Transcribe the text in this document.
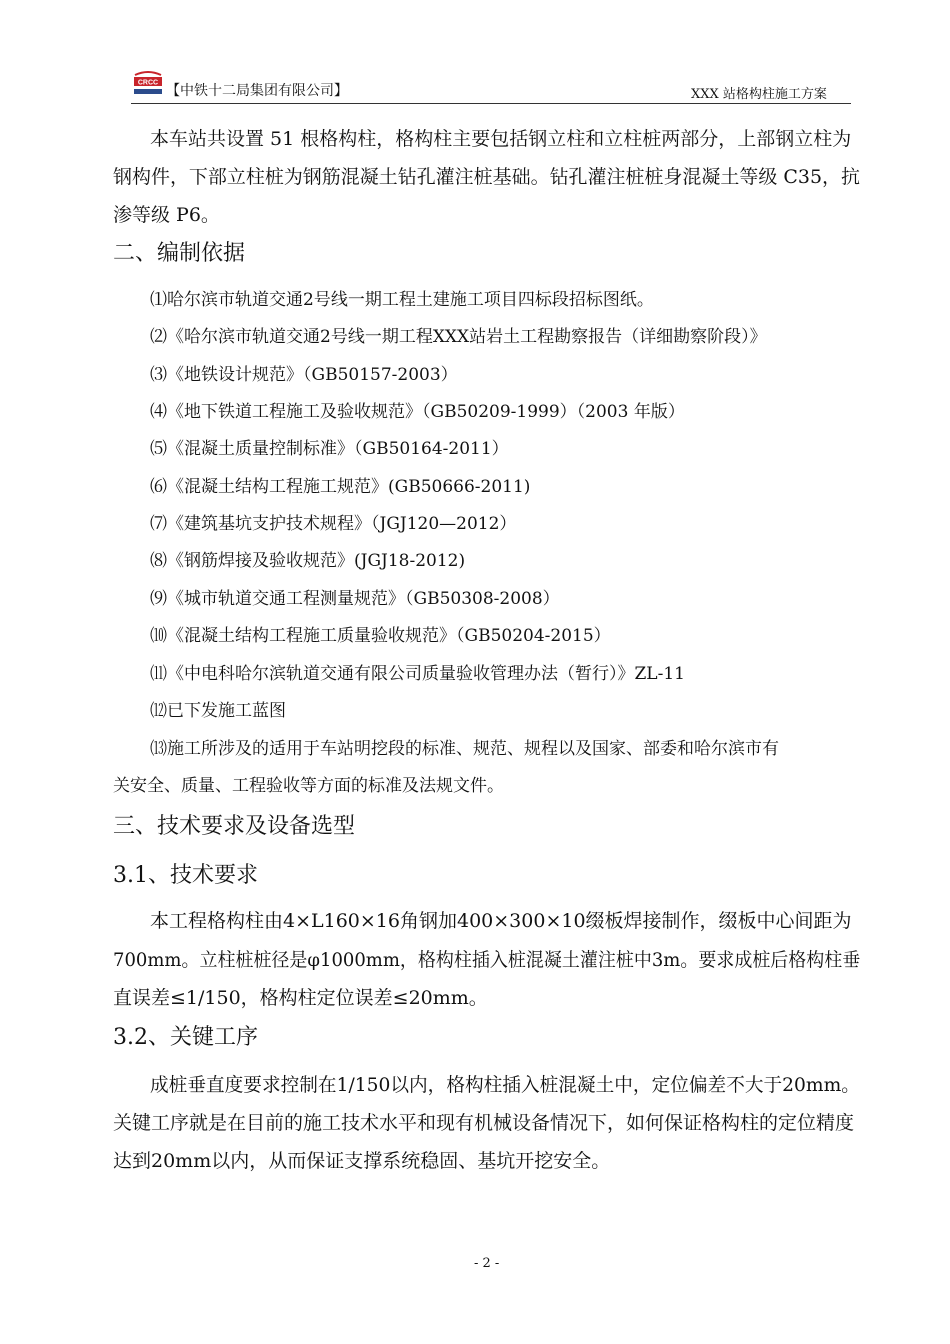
CRCC 【中铁十二局集团有限公司】	XXX 站格构柱施工方案
本车站共设置 51 根格构柱，格构柱主要包括钢立柱和立柱桩两部分，上部钢立柱为
钢构件，下部立柱桩为钢筋混凝土钻孔灌注桩基础。钻孔灌注桩桩身混凝土等级 C35，抗
渗等级 P6。
二、编制依据
⑴哈尔滨市轨道交通2号线一期工程土建施工项目四标段招标图纸。
⑵《哈尔滨市轨道交通2号线一期工程XXX站岩土工程勘察报告（详细勘察阶段）》
⑶《地铁设计规范》（GB50157-2003）
⑷《地下铁道工程施工及验收规范》（GB50209-1999）（2003 年版）
⑸《混凝土质量控制标准》（GB50164-2011）
⑹《混凝土结构工程施工规范》(GB50666-2011)
⑺《建筑基坑支护技术规程》（JGJ120—2012）
⑻《钢筋焊接及验收规范》(JGJ18-2012)
⑼《城市轨道交通工程测量规范》（GB50308-2008）
⑽《混凝土结构工程施工质量验收规范》（GB50204-2015）
⑾《中电科哈尔滨轨道交通有限公司质量验收管理办法（暂行）》ZL-11
⑿已下发施工蓝图
⒀施工所涉及的适用于车站明挖段的标准、规范、规程以及国家、部委和哈尔滨市有
关安全、质量、工程验收等方面的标准及法规文件。
三、技术要求及设备选型
3.1、技术要求
本工程格构柱由4×L160×16角钢加400×300×10缀板焊接制作，缀板中心间距为
700mm。立柱桩桩径是φ1000mm，格构柱插入桩混凝土灌注桩中3m。要求成桩后格构柱垂
直误差≤1/150，格构柱定位误差≤20mm。
3.2、关键工序
成桩垂直度要求控制在1/150以内，格构柱插入桩混凝土中，定位偏差不大于20mm。
关键工序就是在目前的施工技术水平和现有机械设备情况下，如何保证格构柱的定位精度
达到20mm以内，从而保证支撑系统稳固、基坑开挖安全。
- 2 -
